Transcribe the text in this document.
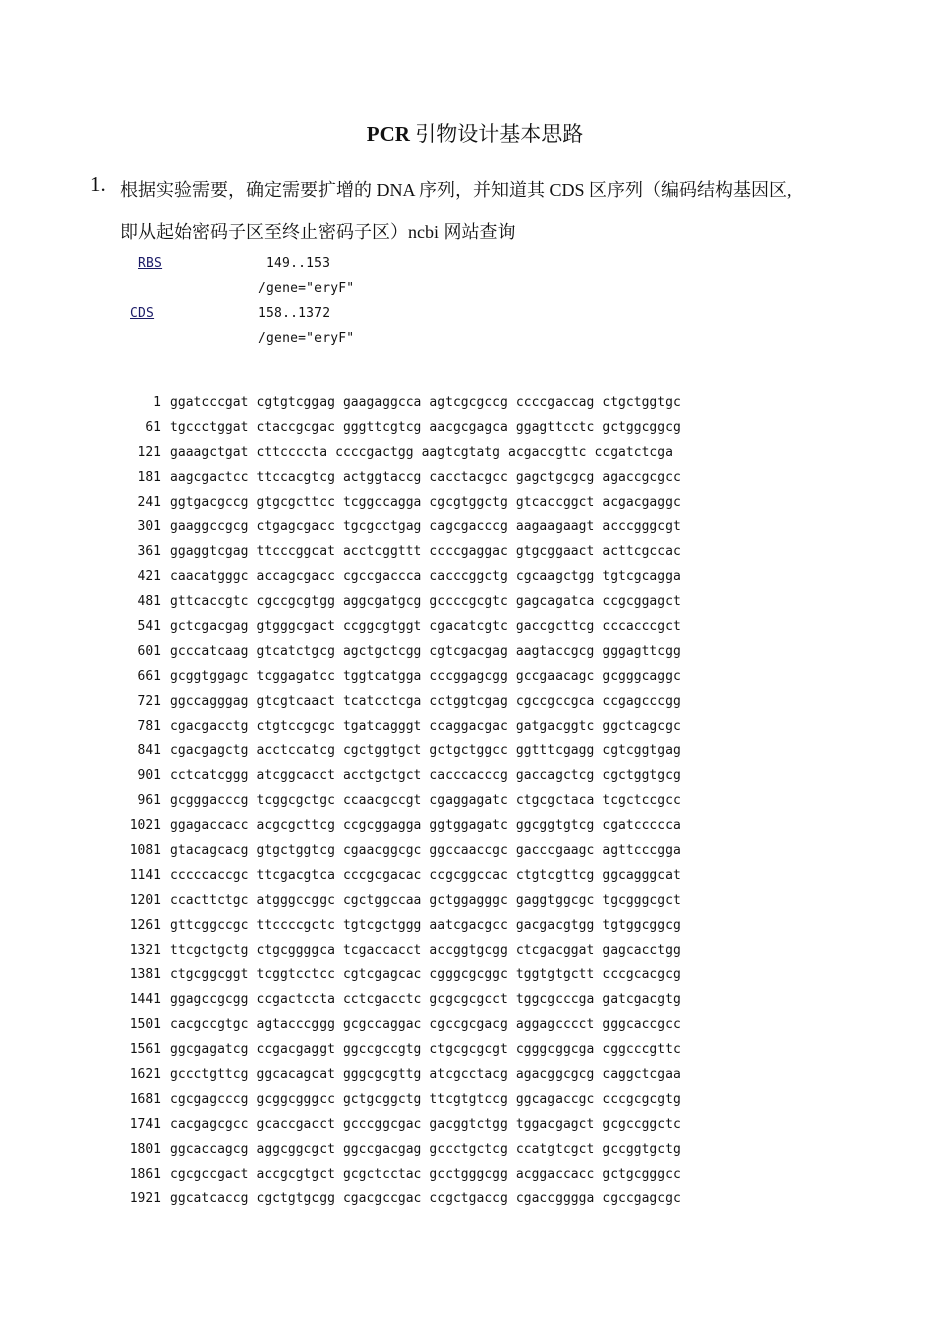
PCR 引物设计基本思路
1. 根据实验需要，确定需要扩增的 DNA 序列，并知道其 CDS 区序列（编码结构基因区,
即从起始密码子区至终止密码子区）ncbi 网站查询
RBS	149..153
/gene="eryF"
CDS	158..1372
/gene="eryF"
1 ggatcccgat cgtgtcggag gaagaggcca agtcgcgccg ccccgaccag ctgctggtgc
61 tgccctggat ctaccgcgac gggttcgtcg aacgcgagca ggagttcctc gctggcggcg
121 gaaagctgat cttccccta ccccgactgg aagtcgtatg acgaccgttc ccgatctcga
181 aagcgactcc ttccacgtcg actggtaccg cacctacgcc gagctgcgcg agaccgcgcc
241 ggtgacgccg gtgcgcttcc tcggccagga cgcgtggctg gtcaccggct acgacgaggc
301 gaaggccgcg ctgagcgacc tgcgcctgag cagcgacccg aagaagaagt acccgggcgt
361 ggaggtcgag ttcccggcat acctcggttt ccccgaggac gtgcggaact acttcgccac
421 caacatgggc accagcgacc cgccgaccca cacccggctg cgcaagctgg tgtcgcagga
481 gttcaccgtc cgccgcgtgg aggcgatgcg gccccgcgtc gagcagatca ccgcggagct
541 gctcgacgag gtgggcgact ccggcgtggt cgacatcgtc gaccgcttcg cccacccgct
601 gcccatcaag gtcatctgcg agctgctcgg cgtcgacgag aagtaccgcg gggagttcgg
661 gcggtggagc tcggagatcc tggtcatgga cccggagcgg gccgaacagc gcgggcaggc
721 ggccagggag gtcgtcaact tcatcctcga cctggtcgag cgccgccgca ccgagcccgg
781 cgacgacctg ctgtccgcgc tgatcagggt ccaggacgac gatgacggtc ggctcagcgc
841 cgacgagctg acctccatcg cgctggtgct gctgctggcc ggtttcgagg cgtcggtgag
901 cctcatcggg atcggcacct acctgctgct cacccacccg gaccagctcg cgctggtgcg
961 gcgggacccg tcggcgctgc ccaacgccgt cgaggagatc ctgcgctaca tcgctccgcc
1021 ggagaccacc acgcgcttcg ccgcggagga ggtggagatc ggcggtgtcg cgatccccca
1081 gtacagcacg gtgctggtcg cgaacggcgc ggccaaccgc gacccgaagc agttcccgga
1141 cccccaccgc ttcgacgtca cccgcgacac ccgcggccac ctgtcgttcg ggcagggcat
1201 ccacttctgc atgggccggc cgctggccaa gctggagggc gaggtggcgc tgcgggcgct
1261 gttcggccgc ttccccgctc tgtcgctggg aatcgacgcc gacgacgtgg tgtggcggcg
1321 ttcgctgctg ctgcggggca tcgaccacct accggtgcgg ctcgacggat gagcacctgg
1381 ctgcggcggt tcggtcctcc cgtcgagcac cgggcgcggc tggtgtgctt cccgcacgcg
1441 ggagccgcgg ccgactccta cctcgacctc gcgcgcgcct tggcgcccga gatcgacgtg
1501 cacgccgtgc agtacccggg gcgccaggac cgccgcgacg aggagcccct gggcaccgcc
1561 ggcgagatcg ccgacgaggt ggccgccgtg ctgcgcgcgt cgggcggcga cggcccgttc
1621 gccctgttcg ggcacagcat gggcgcgttg atcgcctacg agacggcgcg caggctcgaa
1681 cgcgagcccg gcggcgggcc gctgcggctg ttcgtgtccg ggcagaccgc cccgcgcgtg
1741 cacgagcgcc gcaccgacct gcccggcgac gacggtctgg tggacgagct gcgccggctc
1801 ggcaccagcg aggcggcgct ggccgacgag gccctgctcg ccatgtcgct gccggtgctg
1861 cgcgccgact accgcgtgct gcgctcctac gcctgggcgg acggaccacc gctgcgggcc
1921 ggcatcaccg cgctgtgcgg cgacgccgac ccgctgaccg cgaccgggga cgccgagcgc
